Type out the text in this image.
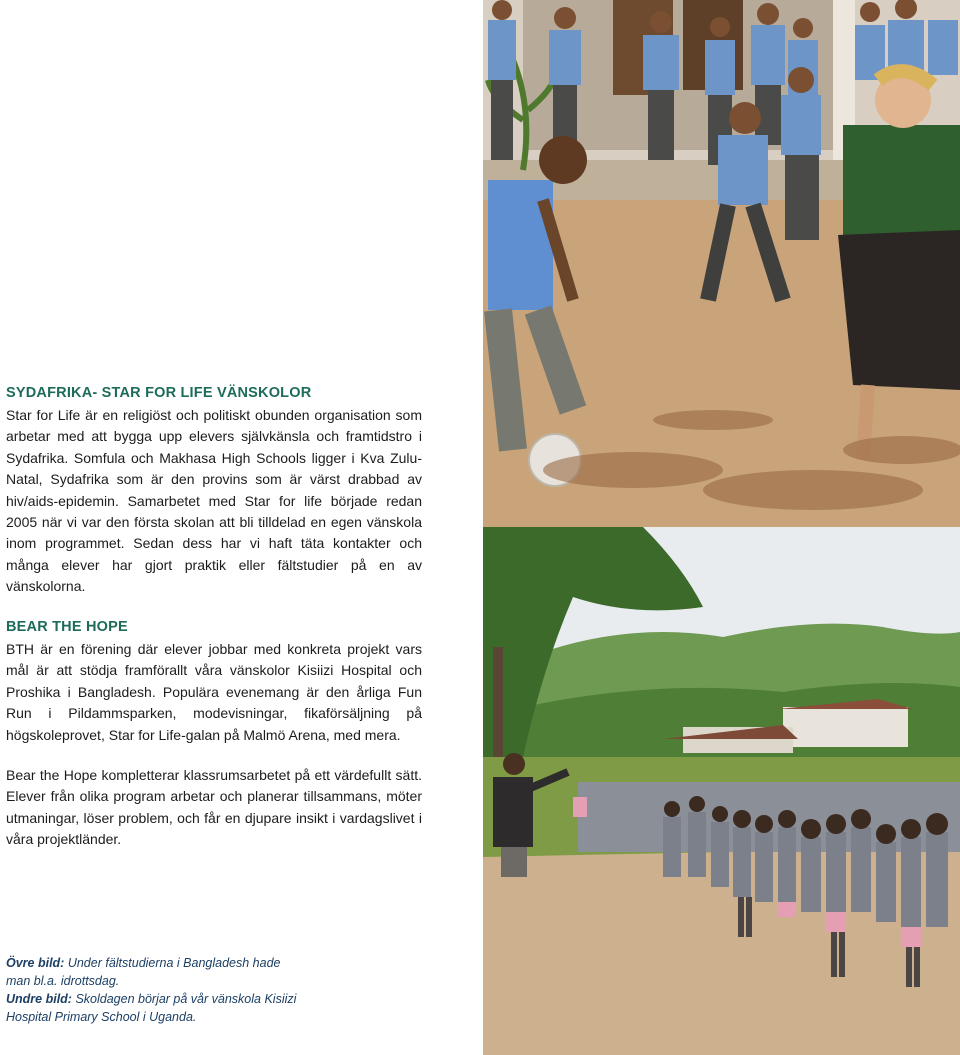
SYDAFRIKA- STAR FOR LIFE VÄNSKOLOR

Star for Life är en religiöst och politiskt obunden organisation som arbetar med att bygga upp elevers självkänsla och framtidstro i Sydafrika. Somfula och Makhasa High Schools ligger i Kva Zulu-Natal, Sydafrika som är den provins som är värst drabbad av hiv/aids-epidemin. Samarbetet med Star for life började redan 2005 när vi var den första skolan att bli tilldelad en egen vänskola inom programmet. Sedan dess har vi haft täta kontakter och många elever har gjort praktik eller fältstudier på en av vänskolorna.

BEAR THE HOPE

BTH är en förening där elever jobbar med konkreta projekt vars mål är att stödja framförallt våra vänskolor Kisiizi Hospital och Proshika i Bangladesh. Populära evenemang är den årliga Fun Run i Pildammsparken, modevisningar, fikaförsäljning på högskoleprovet, Star for Life-galan på Malmö Arena, med mera.

Bear the Hope kompletterar klassrumsarbetet på ett värdefullt sätt. Elever från olika program arbetar och planerar tillsammans, möter utmaningar, löser problem, och får en djupare insikt i vardagslivet i våra projektländer.

Övre bild: Under fältstudierna i Bangladesh hade man bl.a. idrottsdag.
Undre bild: Skoldagen börjar på vår vänskola Kisiizi Hospital Primary School i Uganda.
